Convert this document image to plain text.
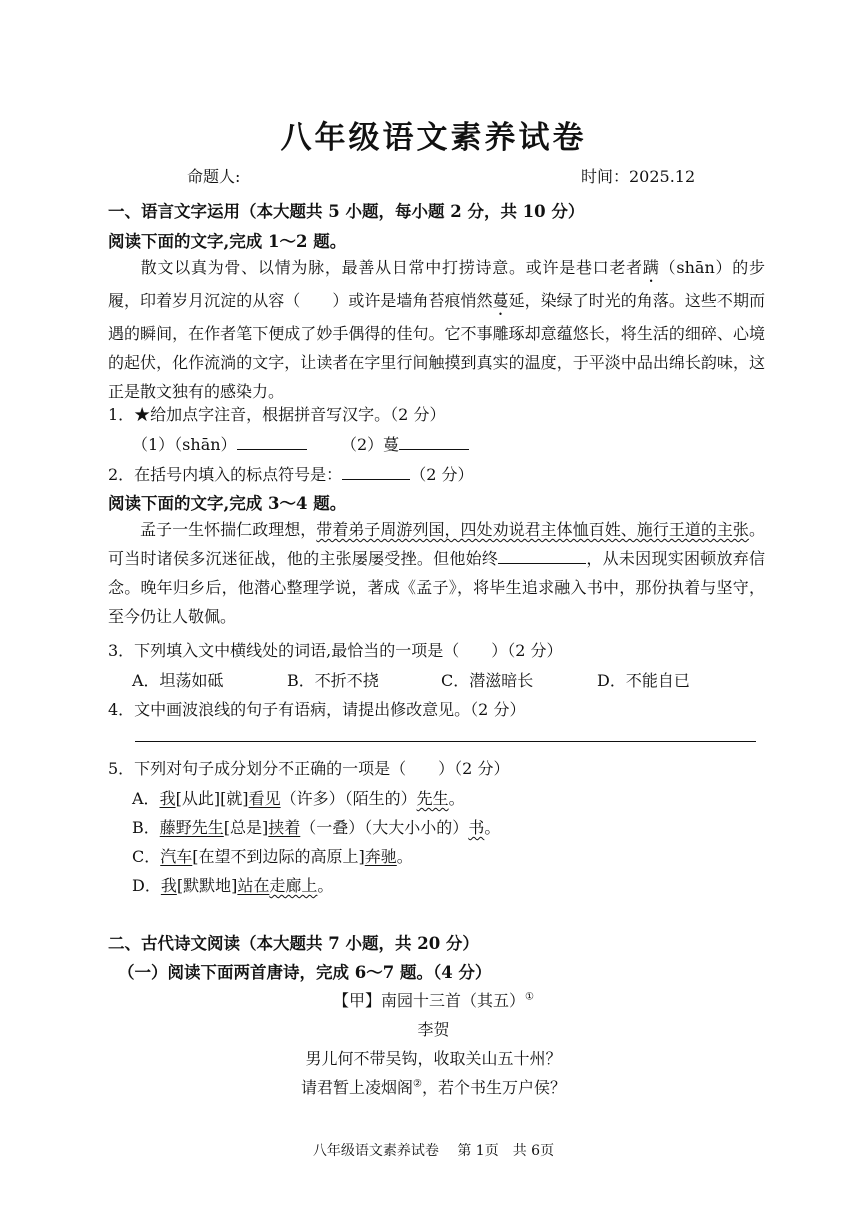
八年级语文素养试卷
命题人:	时间：2025.12
一、语言文字运用（本大题共 5 小题，每小题 2 分，共 10 分）
阅读下面的文字,完成 1～2 题。
散文以真为骨、以情为脉，最善从日常中打捞诗意。或许是巷口老者蹒（shān）的步履，印着岁月沉淀的从容（　　）或许是墙角苔痕悄然蔓延，染绿了时光的角落。这些不期而遇的瞬间，在作者笔下便成了妙手偶得的佳句。它不事雕琢却意蕴悠长，将生活的细碎、心境的起伏，化作流淌的文字，让读者在字里行间触摸到真实的温度，于平淡中品出绵长韵味，这正是散文独有的感染力。
1．★给加点字注音，根据拼音写汉字。（2 分）
（1）（shān）	（2）蔓
2．在括号内填入的标点符号是：	（2 分）
阅读下面的文字,完成 3～4 题。
孟子一生怀揣仁政理想，带着弟子周游列国，四处劝说君主体恤百姓、施行王道的主张。可当时诸侯多沉迷征战，他的主张屡屡受挫。但他始终	，从未因现实困顿放弃信念。晚年归乡后，他潜心整理学说，著成《孟子》，将毕生追求融入书中，那份执着与坚守，至今仍让人敬佩。
3．下列填入文中横线处的词语,最恰当的一项是（　　）（2 分）
A．坦荡如砥	B．不折不挠	C．潜滋暗长	D．不能自已
4．文中画波浪线的句子有语病，请提出修改意见。（2 分）
5．下列对句子成分划分不正确的一项是（　　）（2 分）
A．我[从此][就]看见（许多）（陌生的）先生。
B．藤野先生[总是]挟着（一叠）（大大小小的）书。
C．汽车[在望不到边际的高原上]奔驰。
D．我[默默地]站在走廊上。
二、古代诗文阅读（本大题共 7 小题，共 20 分）
（一）阅读下面两首唐诗，完成 6～7 题。（4 分）
【甲】南园十三首（其五）①
李贺
男儿何不带吴钩，收取关山五十州？
请君暂上凌烟阁②，若个书生万户侯？
八年级语文素养试卷　 第 1页　共 6页
